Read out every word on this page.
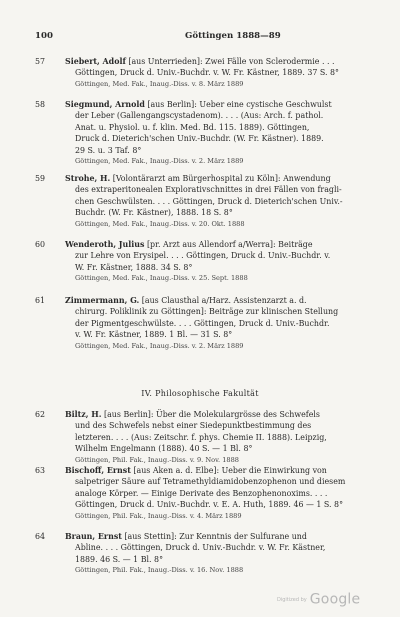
100	Göttingen 1888—89
57	Siebert, Adolf [aus Unterrieden]: Zwei Fälle von Sclerodermie . . .
Göttingen, Druck d. Univ.-Buchdr. v. W. Fr. Kästner, 1889. 37 S. 8°
Göttingen, Med. Fak., Inaug.-Diss. v. 8. März 1889
58	Siegmund, Arnold [aus Berlin]: Ueber eine cystische Geschwulst
der Leber (Gallengangscystadenom). . . . (Aus: Arch. f. pathol.
Anat. u. Physiol. u. f. klin. Med. Bd. 115. 1889). Göttingen,
Druck d. Dieterich'schen Univ.-Buchdr. (W. Fr. Kästner). 1889.
29 S. u. 3 Taf. 8°
Göttingen, Med. Fak., Inaug.-Diss. v. 2. März 1889
59	Strohe, H. [Volontärarzt am Bürgerhospital zu Köln]: Anwendung
des extraperitonealen Explorativschnittes in drei Fällen von fragli-
chen Geschwülsten. . . . Göttingen, Druck d. Dieterich'schen Univ.-
Buchdr. (W. Fr. Kästner), 1888. 18 S. 8°
Göttingen, Med. Fak., Inaug.-Diss. v. 20. Okt. 1888
60	Wenderoth, Julius [pr. Arzt aus Allendorf a/Werra]: Beiträge
zur Lehre von Erysipel. . . . Göttingen, Druck d. Univ.-Buchdr. v.
W. Fr. Kästner, 1888. 34 S. 8°
Göttingen, Med. Fak., Inaug.-Diss. v. 25. Sept. 1888
61	Zimmermann, G. [aus Clausthal a/Harz. Assistenzarzt a. d.
chirurg. Poliklinik zu Göttingen]: Beiträge zur klinischen Stellung
der Pigmentgeschwülste. . . . Göttingen, Druck d. Univ.-Buchdr.
v. W. Fr. Kästner, 1889. 1 Bl. — 31 S. 8°
Göttingen, Med. Fak., Inaug.-Diss. v. 2. März 1889
IV. Philosophische Fakultät
62	Biltz, H. [aus Berlin]: Über die Molekulargrösse des Schwefels
und des Schwefels nebst einer Siedepunktbestimmung des
letzteren. . . . (Aus: Zeitschr. f. phys. Chemie II. 1888). Leipzig,
Wilhelm Engelmann (1888). 40 S. — 1 Bl. 8°
Göttingen, Phil. Fak., Inaug.-Diss. v. 9. Nov. 1888
63	Bischoff, Ernst [aus Aken a. d. Elbe]: Ueber die Einwirkung von
salpetriger Säure auf Tetramethyldiamidobenzophenon und diesem
analoge Körper. — Einige Derivate des Benzophenonoxims. . . .
Göttingen, Druck d. Univ.-Buchdr. v. E. A. Huth, 1889. 46 — 1 S. 8°
Göttingen, Phil. Fak., Inaug.-Diss. v. 4. März 1889
64	Braun, Ernst [aus Stettin]: Zur Kenntnis der Sulfurane und
Abline. . . . Göttingen, Druck d. Univ.-Buchdr. v. W. Fr. Kästner,
1889. 46 S. — 1 Bl. 8°
Göttingen, Phil. Fak., Inaug.-Diss. v. 16. Nov. 1888
Digitized by Google
